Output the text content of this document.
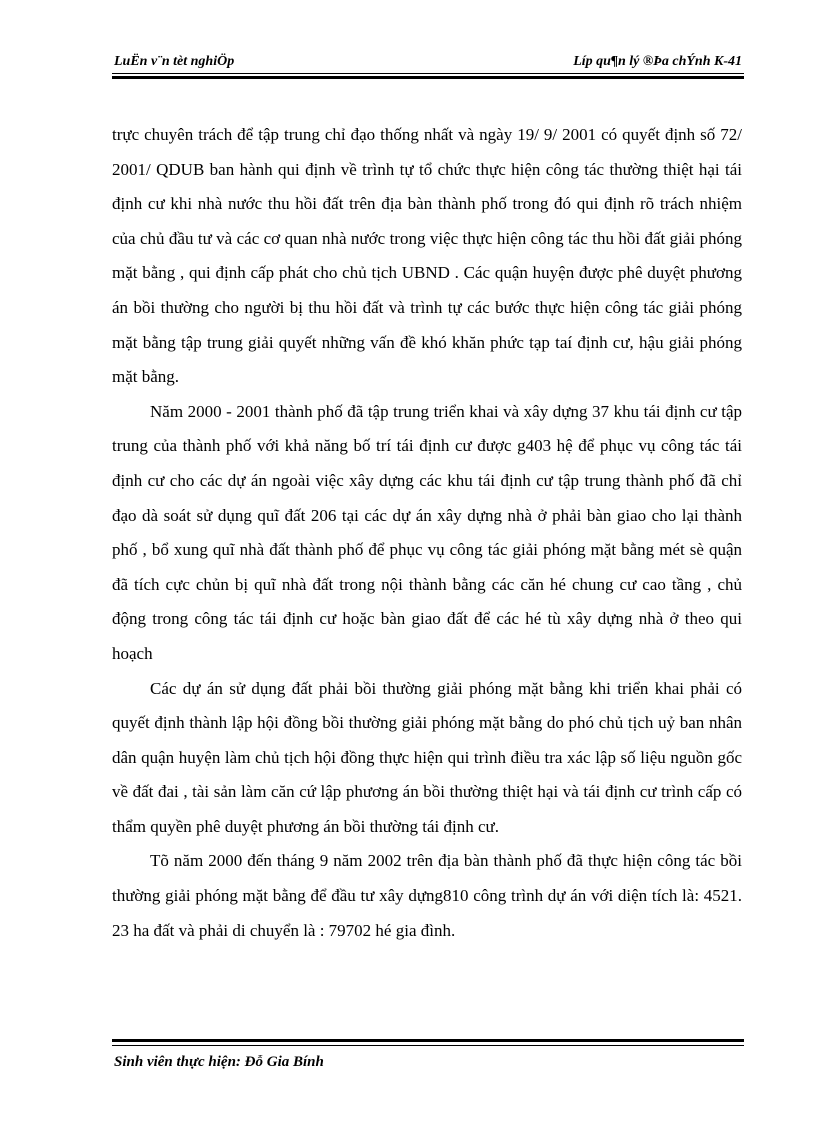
LuËn v¨n tèt nghiÖp	Líp qu¶n lý ®Þa chÝnh K-41

trực chuyên trách để tập trung chỉ đạo thống nhất và ngày 19/ 9/ 2001 có quyết định số 72/ 2001/ QDUB ban hành qui định về trình tự tổ chức thực hiện công tác thường thiệt hại tái định cư khi nhà nước thu hồi đất trên địa bàn thành phố trong đó qui định rõ trách nhiệm của chủ đầu tư và các cơ quan nhà nước trong việc thực hiện công tác thu hồi đất giải phóng mặt bằng , qui định cấp phát cho chủ tịch UBND . Các quận huyện được phê duyệt phương án bồi thường cho người bị thu hồi đất và trình tự các bước thực hiện công tác giải phóng mặt bằng tập trung giải quyết những vấn đề khó khăn phức tạp taí định cư, hậu giải phóng mặt bằng.

Năm 2000 - 2001 thành phố đã tập trung triển khai và xây dựng 37 khu tái định cư tập trung của thành phố với khả năng bố trí tái định cư được g403 hệ để phục vụ công tác tái định cư cho các dự án ngoài việc xây dựng các khu tái định cư tập trung thành phố đã chỉ đạo dà soát sử dụng quĩ đất 206 tại các dự án xây dựng nhà ở phải bàn giao cho lại thành phố , bổ xung quĩ nhà đất thành phố để phục vụ công tác giải phóng mặt bằng mét sè quận đã tích cực chủn bị quĩ nhà đất trong nội thành bằng các căn hé chung cư cao tầng , chủ động trong công tác tái định cư hoặc bàn giao đất để các hé tù xây dựng nhà ở theo qui hoạch

Các dự án sử dụng đất phải bồi thường giải phóng mặt bằng khi triển khai phải có quyết định thành lập hội đồng bồi thường giải phóng mặt bằng do phó chủ tịch uỷ ban nhân dân quận huyện làm chủ tịch hội đồng thực hiện qui trình điều tra xác lập số liệu nguồn gốc về đất đai , tài sản làm căn cứ lập phương án bồi thường thiệt hại và tái định cư trình cấp có thẩm quyền phê duyệt phương án bồi thường tái định cư.

Tõ năm 2000 đến tháng 9 năm 2002 trên địa bàn thành phố đã thực hiện công tác bồi thường giải phóng mặt bằng để đầu tư xây dựng810 công trình dự án với diện tích là: 4521. 23 ha đất và phải di chuyển là : 79702 hé gia đình.

Sinh viên thực hiện: Đỗ Gia Bính
